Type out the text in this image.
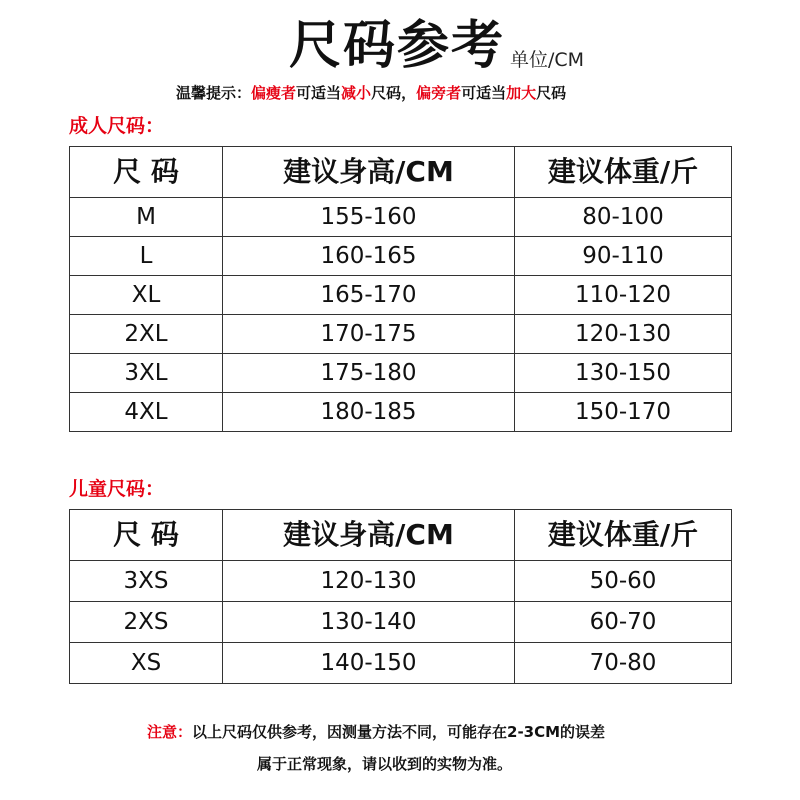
尺码参考 单位/CM
温馨提示：偏瘦者可适当减小尺码，偏旁者可适当加大尺码
成人尺码：
尺 码	建议身高/CM	建议体重/斤
M	155-160	80-100
L	160-165	90-110
XL	165-170	110-120
2XL	170-175	120-130
3XL	175-180	130-150
4XL	180-185	150-170
儿童尺码：
尺 码	建议身高/CM	建议体重/斤
3XS	120-130	50-60
2XS	130-140	60-70
XS	140-150	70-80
注意：以上尺码仅供参考，因测量方法不同，可能存在2-3CM的误差
属于正常现象，请以收到的实物为准。
